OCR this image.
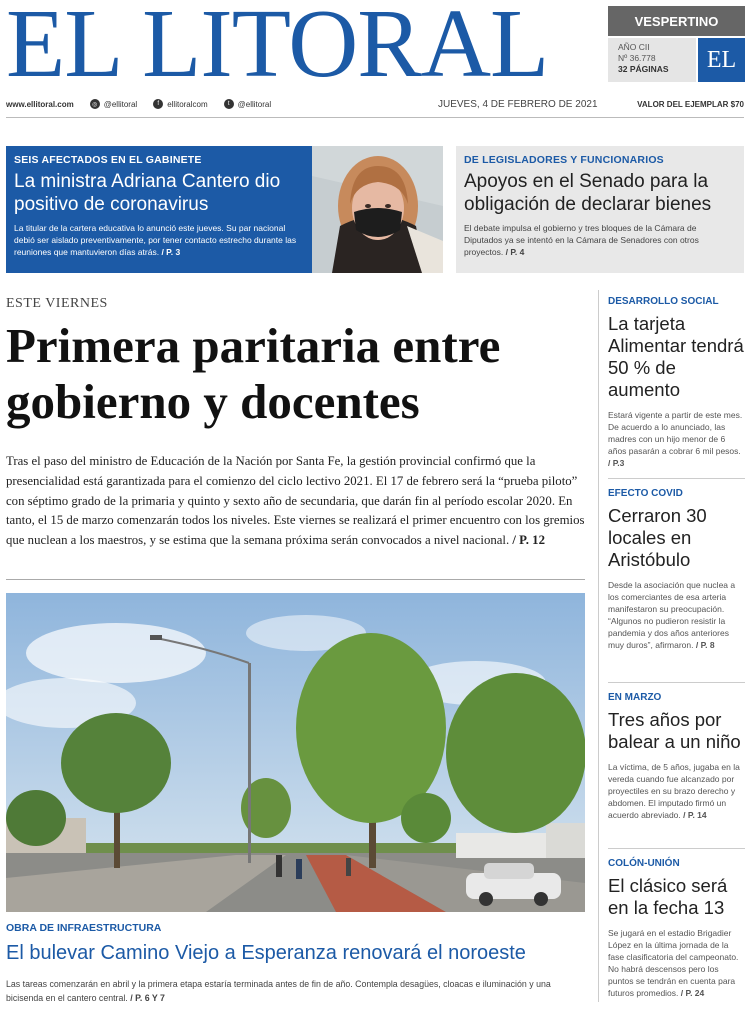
EL LITORAL	VESPERTINO
AÑO CII
Nº 36.778
32 PÁGINAS	EL
www.ellitoral.com	◎ @ellitoral	f	ellitoralcom	t	@ellitoral	JUEVES, 4 DE FEBRERO DE 2021	VALOR DEL EJEMPLAR $70
SEIS AFECTADOS EN EL GABINETE
La ministra Adriana Cantero dio positivo de coronavirus
La titular de la cartera educativa lo anunció este jueves. Su par nacional debió ser aislado preventivamente, por tener contacto estrecho durante las reuniones que mantuvieron días atrás. / P. 3
DE LEGISLADORES Y FUNCIONARIOS
Apoyos en el Senado para la obligación de declarar bienes
El debate impulsa el gobierno y tres bloques de la Cámara de Diputados ya se intentó en la Cámara de Senadores con otros proyectos. / P. 4
ESTE VIERNES
Primera paritaria entre gobierno y docentes
Tras el paso del ministro de Educación de la Nación por Santa Fe, la gestión provincial confirmó que la presencialidad está garantizada para el comienzo del ciclo lectivo 2021. El 17 de febrero será la “prueba piloto” con séptimo grado de la primaria y quinto y sexto año de secundaria, que darán fin al período escolar 2020. En tanto, el 15 de marzo comenzarán todos los niveles. Este viernes se realizará el primer encuentro con los gremios que nuclean a los maestros, y se estima que la semana próxima serán convocados a nivel nacional. / P. 12
OBRA DE INFRAESTRUCTURA
El bulevar Camino Viejo a Esperanza renovará el noroeste
Las tareas comenzarán en abril y la primera etapa estaría terminada antes de fin de año. Contempla desagües, cloacas e iluminación y una bicisenda en el cantero central. / P. 6 Y 7
DESARROLLO SOCIAL
La tarjeta Alimentar tendrá 50 % de aumento
Estará vigente a partir de este mes. De acuerdo a lo anunciado, las madres con un hijo menor de 6 años pasarán a cobrar 6 mil pesos. / P.3
EFECTO COVID
Cerraron 30 locales en Aristóbulo
Desde la asociación que nuclea a los comerciantes de esa arteria manifestaron su preocupación. “Algunos no pudieron resistir la pandemia y dos años anteriores muy duros”, afirmaron. / P. 8
EN MARZO
Tres años por balear a un niño
La víctima, de 5 años, jugaba en la vereda cuando fue alcanzado por proyectiles en su brazo derecho y abdomen. El imputado firmó un acuerdo abreviado. / P. 14
COLÓN-UNIÓN
El clásico será en la fecha 13
Se jugará en el estadio Brigadier López en la última jornada de la fase clasificatoria del campeonato. No habrá descensos pero los puntos se tendrán en cuenta para futuros promedios. / P. 24
